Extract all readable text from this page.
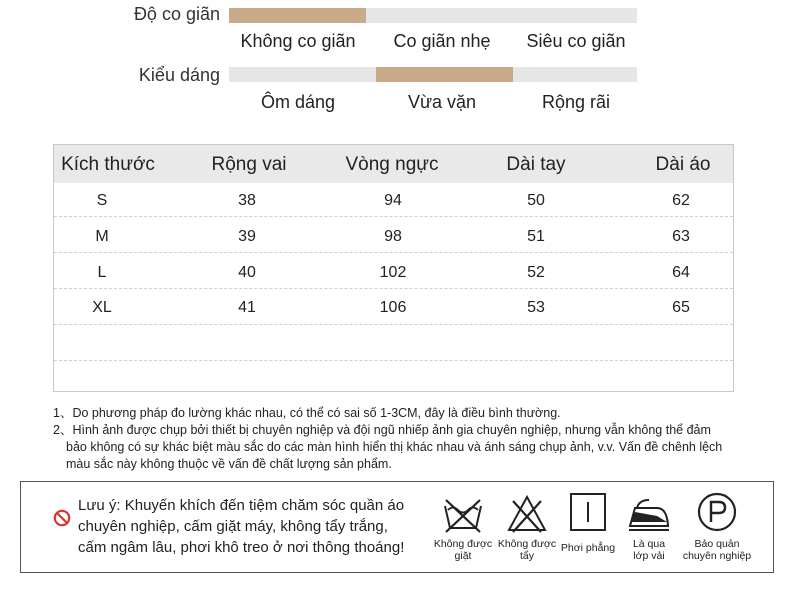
Độ co giãn
Không co giãn	Co giãn nhẹ	Siêu co giãn
Kiểu dáng
Ôm dáng	Vừa vặn	Rộng rãi
Kích thước	Rộng vai	Vòng ngực	Dài tay	Dài áo
S	38	94	50	62
M	39	98	51	63
L	40	102	52	64
XL	41	106	53	65
1、Do phương pháp đo lường khác nhau, có thể có sai số 1-3CM, đây là điều bình thường.
2、Hình ảnh được chụp bởi thiết bị chuyên nghiệp và đội ngũ nhiếp ảnh gia chuyên nghiệp, nhưng vẫn không thể đảm
bảo không có sự khác biệt màu sắc do các màn hình hiển thị khác nhau và ánh sáng chụp ảnh, v.v. Vấn đề chênh lệch
màu sắc này không thuộc về vấn đề chất lượng sản phẩm.
Lưu ý: Khuyến khích đến tiệm chăm sóc quần áo
chuyên nghiệp, cấm giặt máy, không tẩy trắng,
cấm ngâm lâu, phơi khô treo ở nơi thông thoáng!	Không được
giặt
Không được
tẩy
Phơi phẳng	Là qua
lớp vải
Bảo quản
chuyên nghiệp
